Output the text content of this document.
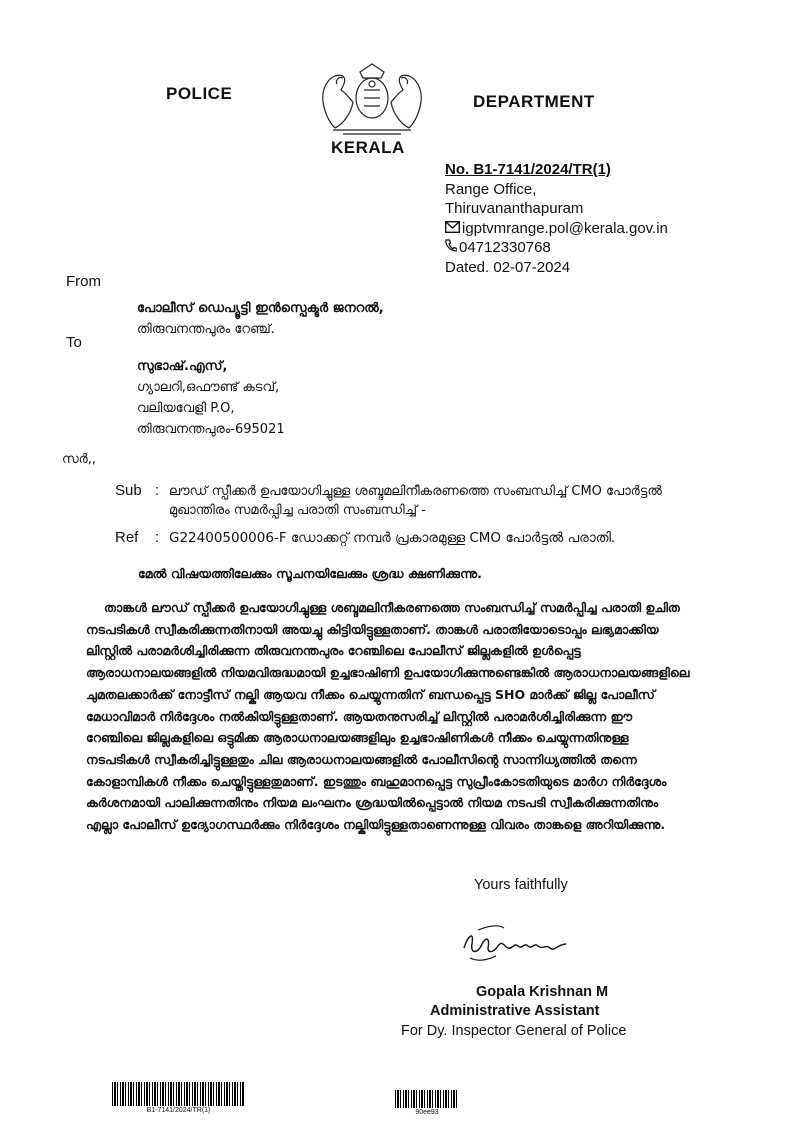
POLICE
KERALA
DEPARTMENT
No. B1-7141/2024/TR(1)
Range Office,
Thiruvananthapuram
igptvmrange.pol@kerala.gov.in
04712330768
Dated. 02-07-2024
From
പോലീസ് ഡെപ്യൂട്ടി ഇൻസ്പെക്ടർ ജനറൽ,
തിരുവനന്തപുരം റേഞ്ച്.
To
സുഭാഷ്.എസ്,
ഗ്യാലറി,ഒഫൗണ്ട് കടവ്,
വലിയവേളി P.O,
തിരുവനന്തപുരം-695021
സർ,,
Sub : ലൗഡ് സ്പീക്കർ ഉപയോഗിച്ചുള്ള ശബ്ദമലിനീകരണത്തെ സംബന്ധിച്ച് CMO പോർട്ടൽ
മുഖാന്തിരം സമർപ്പിച്ച പരാതി സംബന്ധിച്ച് -
Ref : G22400500006-F ഡോക്കറ്റ് നമ്പർ പ്രകാരമുള്ള CMO പോർട്ടൽ പരാതി.
മേൽ വിഷയത്തിലേക്കും സൂചനയിലേക്കും ശ്രദ്ധ ക്ഷണിക്കുന്നു.
താങ്കൾ ലൗഡ് സ്പീക്കർ ഉപയോഗിച്ചുള്ള ശബ്ദമലിനീകരണത്തെ സംബന്ധിച്ച് സമർപ്പിച്ച പരാതി ഉചിത
നടപടികൾ സ്വീകരിക്കുന്നതിനായി അയച്ചു കിട്ടിയിട്ടുള്ളതാണ്. താങ്കൾ പരാതിയോടൊപ്പം ലഭ്യമാക്കിയ
ലിസ്റ്റിൽ പരാമർശിച്ചിരിക്കുന്ന തിരുവനന്തപുരം റേഞ്ചിലെ പോലീസ് ജില്ലകളിൽ ഉൾപ്പെട്ട
ആരാധനാലയങ്ങളിൽ നിയമവിരുദ്ധമായി ഉച്ചഭാഷിണി ഉപയോഗിക്കുന്നുണ്ടെങ്കിൽ ആരാധനാലയങ്ങളിലെ
ചുമതലക്കാർക്ക് നോട്ടീസ് നല്കി ആയവ നീക്കം ചെയ്യുന്നതിന് ബന്ധപ്പെട്ട SHO മാർക്ക് ജില്ല പോലീസ്
മേധാവിമാർ നിർദ്ദേശം നൽകിയിട്ടുള്ളതാണ്. ആയതനുസരിച്ച് ലിസ്റ്റിൽ പരാമർശിച്ചിരിക്കുന്ന ഈ
റേഞ്ചിലെ ജില്ലകളിലെ ഒട്ടുമിക്ക ആരാധനാലയങ്ങളിലും ഉച്ചഭാഷിണികൾ നീക്കം ചെയ്യുന്നതിനുള്ള
നടപടികൾ സ്വീകരിച്ചിട്ടുള്ളതും ചില ആരാധനാലയങ്ങളിൽ പോലീസിന്റെ സാന്നിധ്യത്തിൽ തന്നെ
കോളാമ്പികൾ നീക്കം ചെയ്തിട്ടുള്ളതുമാണ്. ഇടത്തും ബഹുമാനപ്പെട്ട സുപ്രീംകോടതിയുടെ മാർഗ നിർദ്ദേശം
കർശനമായി പാലിക്കുന്നതിനും നിയമ ലംഘനം ശ്രദ്ധയിൽപ്പെട്ടാൽ നിയമ നടപടി സ്വീകരിക്കുന്നതിനും
എല്ലാ പോലീസ് ഉദ്യോഗസ്ഥർക്കും നിർദ്ദേശം നല്കിയിട്ടുള്ളതാണെന്നുള്ള വിവരം താങ്കളെ അറിയിക്കുന്നു.
Yours faithfully
Gopala Krishnan M
Administrative Assistant
For Dy. Inspector General of Police
B1-7141/2024/TR(1)	90ee93
